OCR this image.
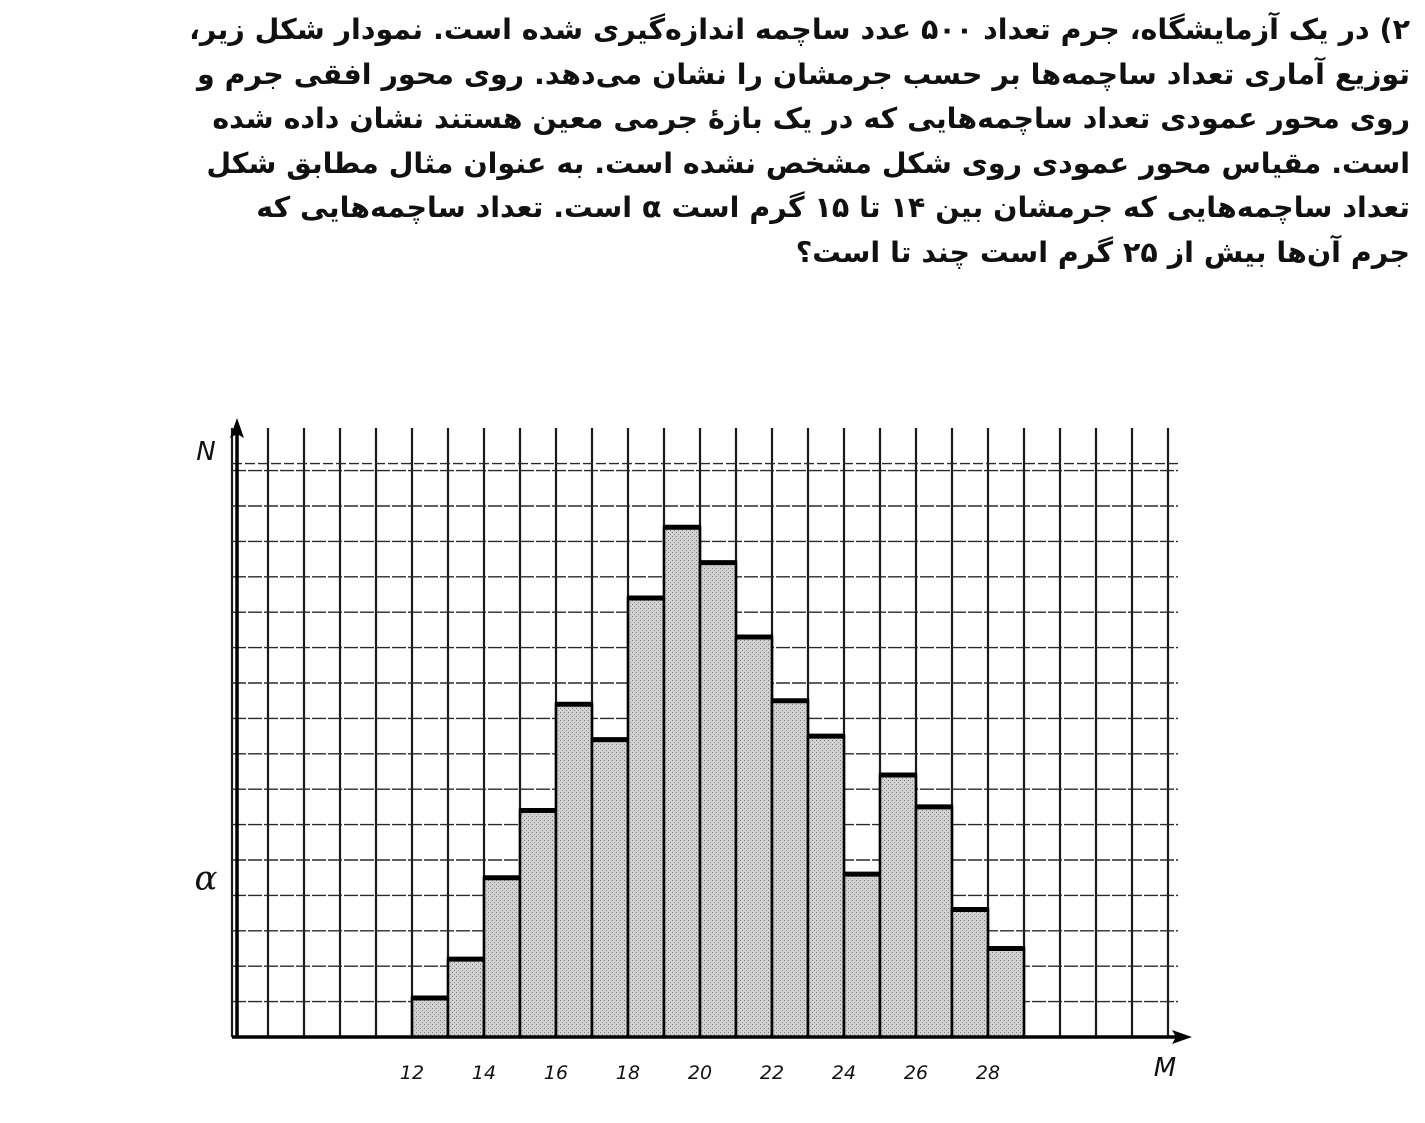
۲) در یک آزمایشگاه، جرم تعداد ۵۰۰ عدد ساچمه اندازه‌گیری شده است. نمودار شکل زیر،

توزیع آماری تعداد ساچمه‌ها بر حسب جرمشان را نشان می‌دهد. روی محور افقی جرم و

روی محور عمودی تعداد ساچمه‌هایی که در یک بازهٔ جرمی معین هستند نشان داده شده

است. مقیاس محور عمودی روی شکل مشخص نشده است. به عنوان مثال مطابق شکل

تعداد ساچمه‌هایی که جرمشان بین ۱۴ تا ۱۵ گرم است α است. تعداد ساچمه‌هایی که

جرم آن‌ها بیش از ۲۵ گرم است چند تا است؟

12	14	16	18	20	22	24	26	28	M
N
α
